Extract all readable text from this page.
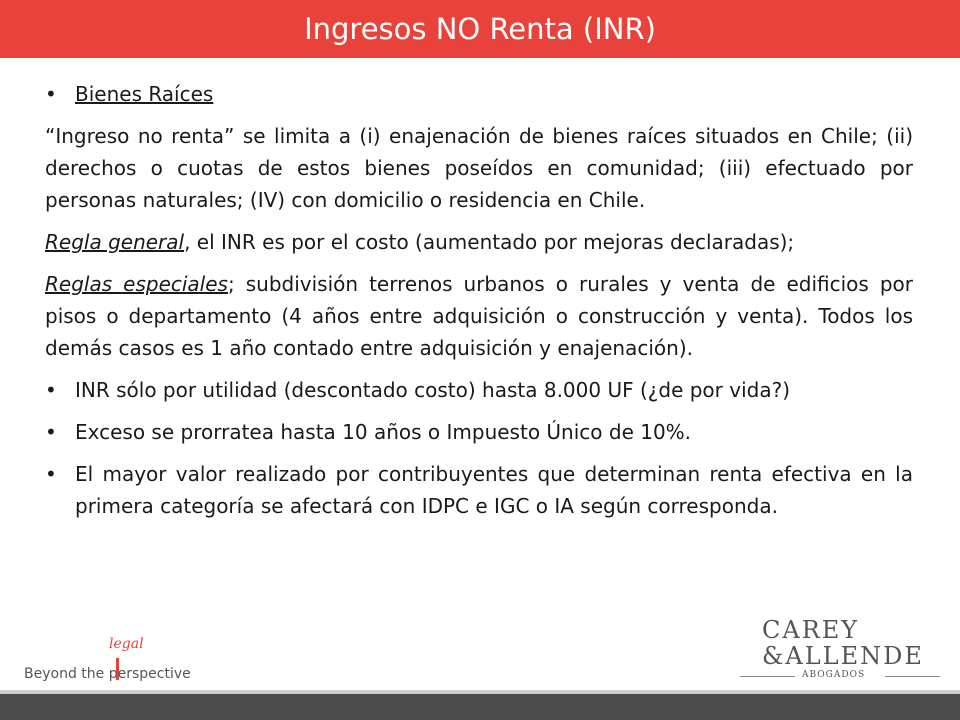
Ingresos NO Renta (INR)
• Bienes Raíces

“Ingreso no renta” se limita a (i) enajenación de bienes raíces situados en Chile; (ii) derechos o cuotas de estos bienes poseídos en comunidad; (iii) efectuado por personas naturales; (IV) con domicilio o residencia en Chile.

Regla general, el INR es por el costo (aumentado por mejoras declaradas);

Reglas especiales; subdivisión terrenos urbanos o rurales y venta de edificios por pisos o departamento (4 años entre adquisición o construcción y venta). Todos los demás casos es 1 año contado entre adquisición y enajenación).

• INR sólo por utilidad (descontado costo) hasta 8.000 UF (¿de por vida?)
• Exceso se prorratea hasta 10 años o Impuesto Único de 10%.
• El mayor valor realizado por contribuyentes que determinan renta efectiva en la primera categoría se afectará con IDPC e IGC o IA según corresponda.
legal
Beyond the perspective
CAREY
&ALLENDE
ABOGADOS
